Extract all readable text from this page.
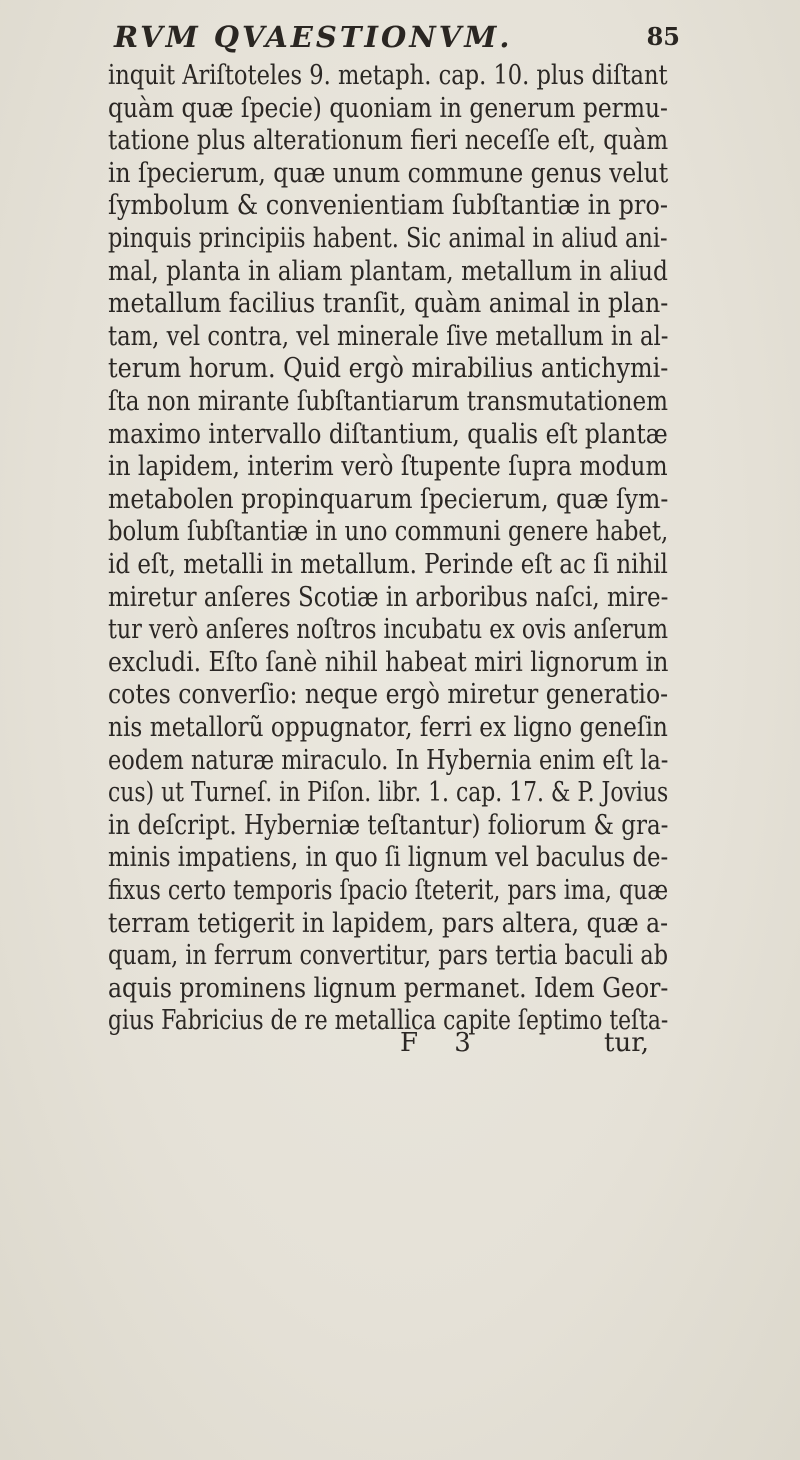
RVM QVAESTIONVM.	85
inquit Ariſtoteles 9. metaph. cap. 10. plus diſtant
quàm quæ ſpecie) quoniam in generum permu-
tatione plus alterationum fieri neceſſe eſt, quàm
in ſpecierum, quæ unum commune genus velut
ſymbolum & convenientiam ſubſtantiæ in pro-
pinquis principiis habent. Sic animal in aliud ani-
mal, planta in aliam plantam, metallum in aliud
metallum facilius tranſit, quàm animal in plan-
tam, vel contra, vel minerale ſive metallum in al-
terum horum. Quid ergò mirabilius antichymi-
ſta non mirante ſubſtantiarum transmutationem
maximo intervallo diſtantium, qualis eſt plantæ
in lapidem, interim verò ſtupente ſupra modum
metabolen propinquarum ſpecierum, quæ ſym-
bolum ſubſtantiæ in uno communi genere habet,
id eſt, metalli in metallum. Perinde eſt ac ſi nihil
miretur anſeres Scotiæ in arboribus naſci, mire-
tur verò anſeres noſtros incubatu ex ovis anſerum
excludi. Eſto ſanè nihil habeat miri lignorum in
cotes converſio: neque ergò miretur generatio-
nis metallorũ oppugnator, ferri ex ligno geneſin
eodem naturæ miraculo. In Hybernia enim eſt la-
cus) ut Turneſ. in Piſon. libr. 1. cap. 17. & P. Jovius
in deſcript. Hyberniæ teſtantur) foliorum & gra-
minis impatiens, in quo ſi lignum vel baculus de-
fixus certo temporis ſpacio ſteterit, pars ima, quæ
terram tetigerit in lapidem, pars altera, quæ a-
quam, in ferrum convertitur, pars tertia baculi ab
aquis prominens lignum permanet. Idem Geor-
gius Fabricius de re metallica capite ſeptimo teſta-
F 3	tur,
